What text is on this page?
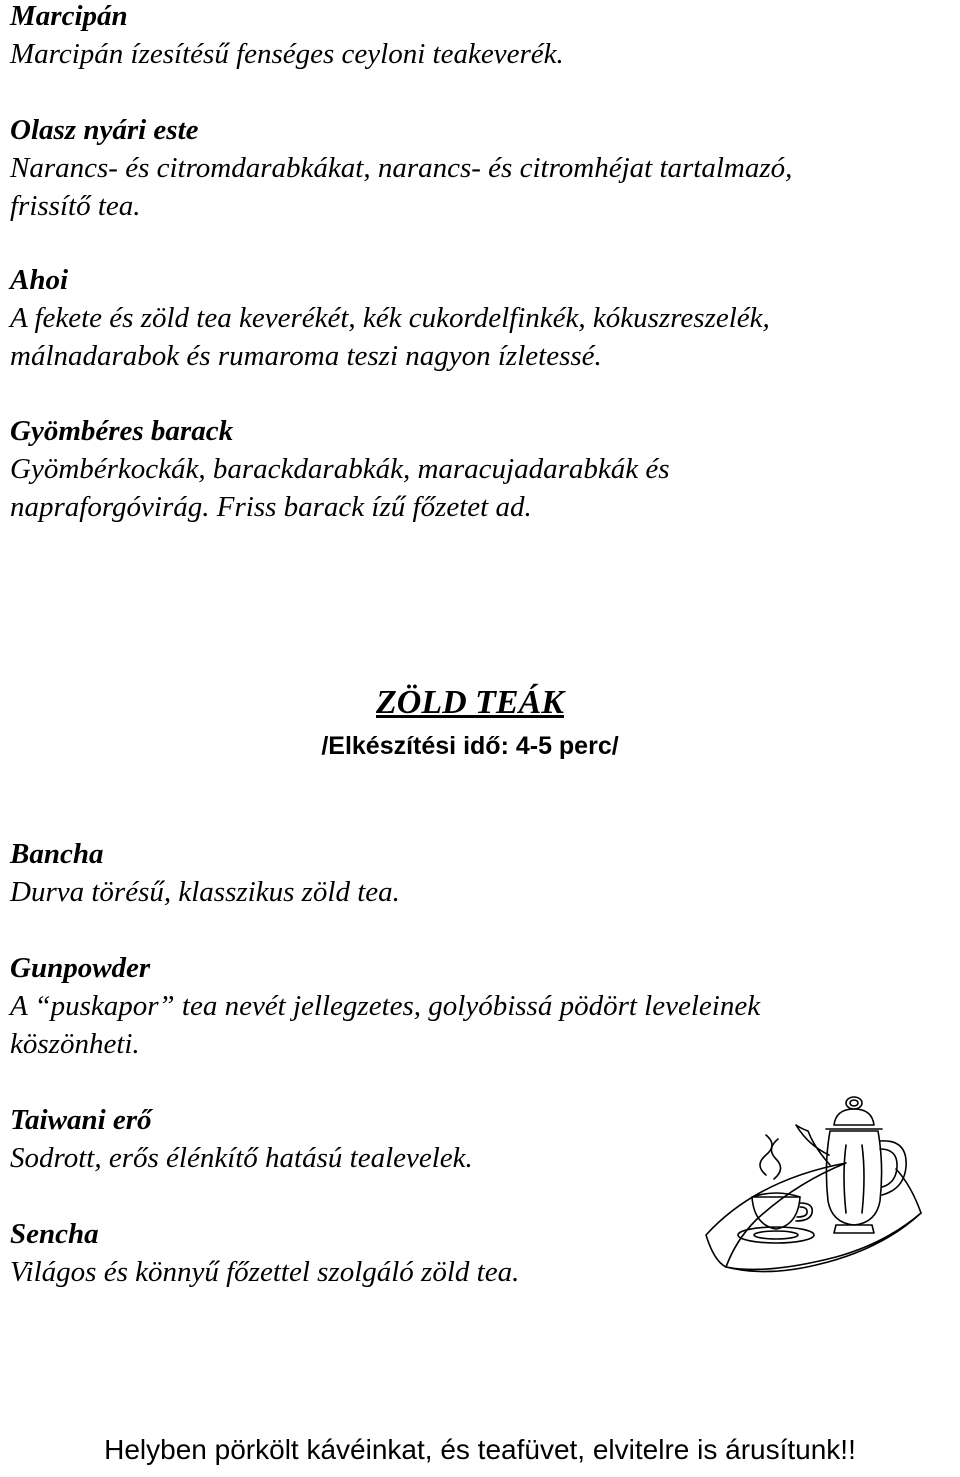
Marcipán

Marcipán ízesítésű fenséges ceyloni teakeverék.

Olasz nyári este

Narancs- és citromdarabkákat, narancs- és citromhéjat tartalmazó,

frissítő tea.

Ahoi

A fekete és zöld tea keverékét, kék cukordelfinkék, kókuszreszelék,

málnadarabok és rumaroma teszi nagyon ízletessé.

Gyömbéres barack

Gyömbérkockák, barackdarabkák, maracujadarabkák és

napraforgóvirág. Friss barack ízű főzetet ad.

ZÖLD TEÁK

/Elkészítési idő: 4-5 perc/

Bancha

Durva törésű, klasszikus zöld tea.

Gunpowder

A “puskapor” tea nevét jellegzetes, golyóbissá pödört leveleinek

köszönheti.

Taiwani erő

Sodrott, erős élénkítő hatású tealevelek.

Sencha

Világos és könnyű főzettel szolgáló zöld tea.

Helyben pörkölt kávéinkat, és teafüvet, elvitelre is árusítunk!!
